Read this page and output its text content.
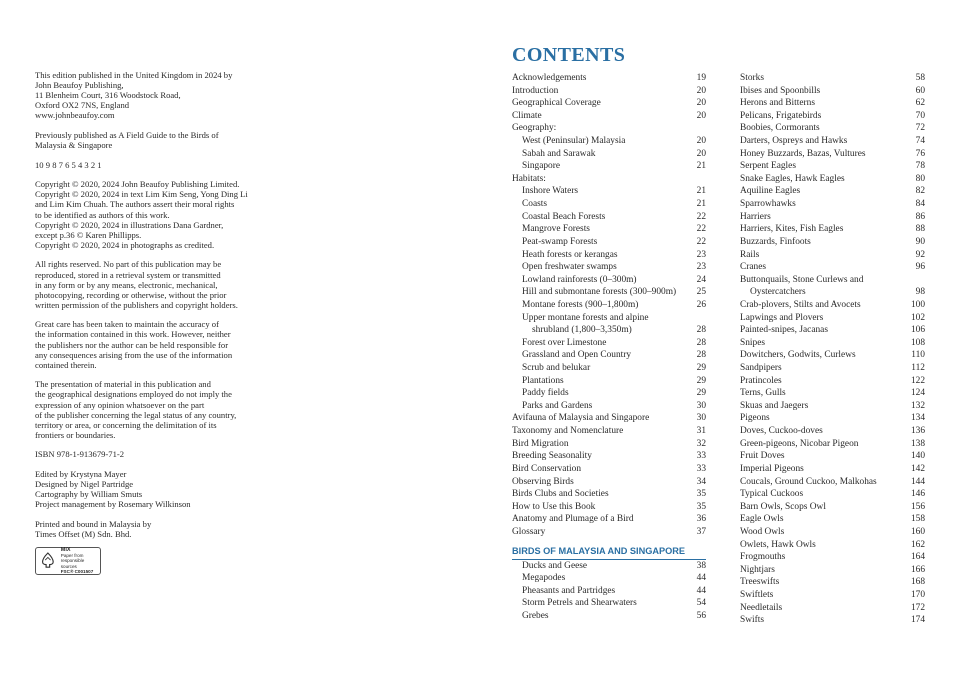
This edition published in the United Kingdom in 2024 by
John Beaufoy Publishing,
11 Blenheim Court, 316 Woodstock Road,
Oxford OX2 7NS, England
www.johnbeaufoy.com

Previously published as A Field Guide to the Birds of
Malaysia & Singapore

10 9 8 7 6 5 4 3 2 1

Copyright © 2020, 2024 John Beaufoy Publishing Limited.
Copyright © 2020, 2024 in text Lim Kim Seng, Yong Ding Li
and Lim Kim Chuah. The authors assert their moral rights
to be identified as authors of this work.
Copyright © 2020, 2024 in illustrations Dana Gardner,
except p.36 © Karen Phillipps.
Copyright © 2020, 2024 in photographs as credited.

All rights reserved. No part of this publication may be
reproduced, stored in a retrieval system or transmitted
in any form or by any means, electronic, mechanical,
photocopying, recording or otherwise, without the prior
written permission of the publishers and copyright holders.

Great care has been taken to maintain the accuracy of
the information contained in this work. However, neither
the publishers nor the author can be held responsible for
any consequences arising from the use of the information
contained therein.

The presentation of material in this publication and
the geographical designations employed do not imply the
expression of any opinion whatsoever on the part
of the publisher concerning the legal status of any country,
territory or area, or concerning the delimitation of its
frontiers or boundaries.

ISBN 978-1-913679-71-2

Edited by Krystyna Mayer
Designed by Nigel Partridge
Cartography by William Smuts
Project management by Rosemary Wilkinson

Printed and bound in Malaysia by
Times Offset (M) Sdn. Bhd.

MIX
Paper from
responsible sources
FSC® C001507
CONTENTS
Acknowledgements	19
Introduction	20
Geographical Coverage	20
Climate	20
Geography:
West (Peninsular) Malaysia	20
Sabah and Sarawak	20
Singapore	21
Habitats:
Inshore Waters	21
Coasts	21
Coastal Beach Forests	22
Mangrove Forests	22
Peat-swamp Forests	22
Heath forests or kerangas	23
Open freshwater swamps	23
Lowland rainforests (0–300m)	24
Hill and submontane forests (300–900m) 25
Montane forests (900–1,800m)	26
Upper montane forests and alpine
shrubland (1,800–3,350m)	28
Forest over Limestone	28
Grassland and Open Country	28
Scrub and belukar	29
Plantations	29
Paddy fields	29
Parks and Gardens	30
Avifauna of Malaysia and Singapore	30
Taxonomy and Nomenclature	31
Bird Migration	32
Breeding Seasonality	33
Bird Conservation	33
Observing Birds	34
Birds Clubs and Societies	35
How to Use this Book	35
Anatomy and Plumage of a Bird	36
Glossary	37
BIRDS OF MALAYSIA AND SINGAPORE
Ducks and Geese	38
Megapodes	44
Pheasants and Partridges	44
Storm Petrels and Shearwaters	54
Grebes	56
Storks	58
Ibises and Spoonbills	60
Herons and Bitterns	62
Pelicans, Frigatebirds	70
Boobies, Cormorants	72
Darters, Ospreys and Hawks	74
Honey Buzzards, Bazas, Vultures	76
Serpent Eagles	78
Snake Eagles, Hawk Eagles	80
Aquiline Eagles	82
Sparrowhawks	84
Harriers	86
Harriers, Kites, Fish Eagles	88
Buzzards, Finfoots	90
Rails	92
Cranes	96
Buttonquails, Stone Curlews and
Oystercatchers	98
Crab-plovers, Stilts and Avocets	100
Lapwings and Plovers	102
Painted-snipes, Jacanas	106
Snipes	108
Dowitchers, Godwits, Curlews	110
Sandpipers	112
Pratincoles	122
Terns, Gulls	124
Skuas and Jaegers	132
Pigeons	134
Doves, Cuckoo-doves	136
Green-pigeons, Nicobar Pigeon	138
Fruit Doves	140
Imperial Pigeons	142
Coucals, Ground Cuckoo, Malkohas	144
Typical Cuckoos	146
Barn Owls, Scops Owl	156
Eagle Owls	158
Wood Owls	160
Owlets, Hawk Owls	162
Frogmouths	164
Nightjars	166
Treeswifts	168
Swiftlets	170
Needletails	172
Swifts	174
